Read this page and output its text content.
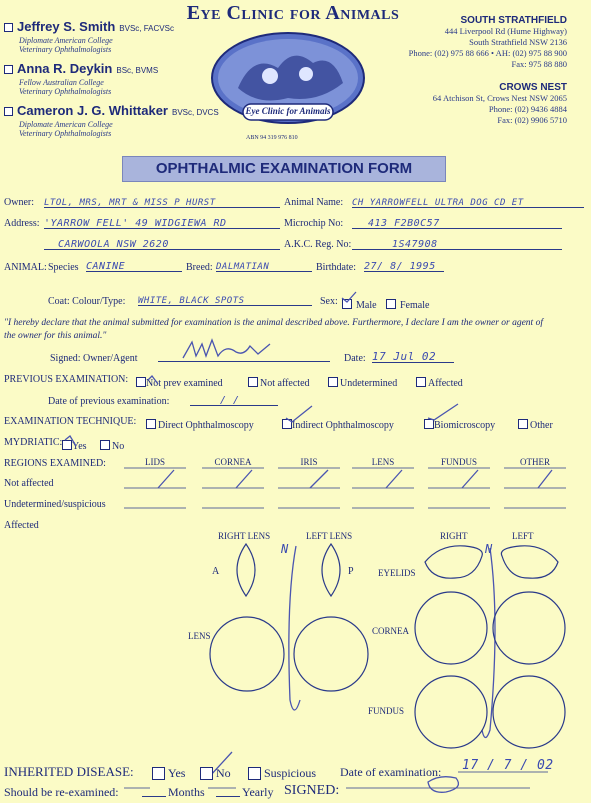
Jeffrey S. Smith BVSc, FACVSc
Diplomate American College
Veterinary Ophthalmologists
Anna R. Deykin BSc, BVMS
Fellow Australian College
Veterinary Ophthalmologists
Cameron J. G. Whittaker BVSc, DVCS
Diplomate American College
Veterinary Ophthalmologists
Eye Clinic for Animals
Eye Clinic for Animals
ABN 94 319 976 810
SOUTH STRATHFIELD
444 Liverpool Rd (Hume Highway)
South Strathfield NSW 2136
Phone: (02) 975 88 666 • AH: (02) 975 88 900
Fax: 975 88 880
CROWS NEST
64 Atchison St, Crows Nest NSW 2065
Phone: (02) 9436 4884
Fax: (02) 9906 5710
OPHTHALMIC EXAMINATION FORM
Owner: LTOL, MRS, MRT & MISS P HURST	Animal Name: CH YARROWFELL ULTRA DOG CD ET
Address: 'YARROW FELL' 49 WIDGIEWA RD
CARWOOLA NSW 2620
Microchip No:	413 F2B0C57
A.K.C. Reg. No:	1S47908
ANIMAL: Species CANINE	Breed: DALMATIAN	Birthdate: 27/ 8/ 1995
Coat: Colour/Type: WHITE, BLACK SPOTS	Sex:	Male	Female
"I hereby declare that the animal submitted for examination is the animal described above. Furthermore, I declare I am the owner or agent of the owner for this animal."
Signed: Owner/Agent	Date: 17 Jul 02
PREVIOUS EXAMINATION:	Not prev examined	Not affected	Undetermined	Affected
Date of previous examination:	/ /
EXAMINATION TECHNIQUE:	Direct Ophthalmoscopy	Indirect Ophthalmoscopy	Biomicroscopy	Other
MYDRIATIC: Yes	No
REGIONS EXAMINED:	LIDS	CORNEA	IRIS	LENS	FUNDUS	OTHER
Not affected
Undetermined/suspicious
Affected
RIGHT LENS	LEFT LENS
A	P
LENS
N
RIGHT	LEFT
EYELIDS
CORNEA
FUNDUS
N
INHERITED DISEASE:	Yes	No	Suspicious Date of examination: 17 / 7 / 02
Should be re-examined:	Months	Yearly SIGNED:
